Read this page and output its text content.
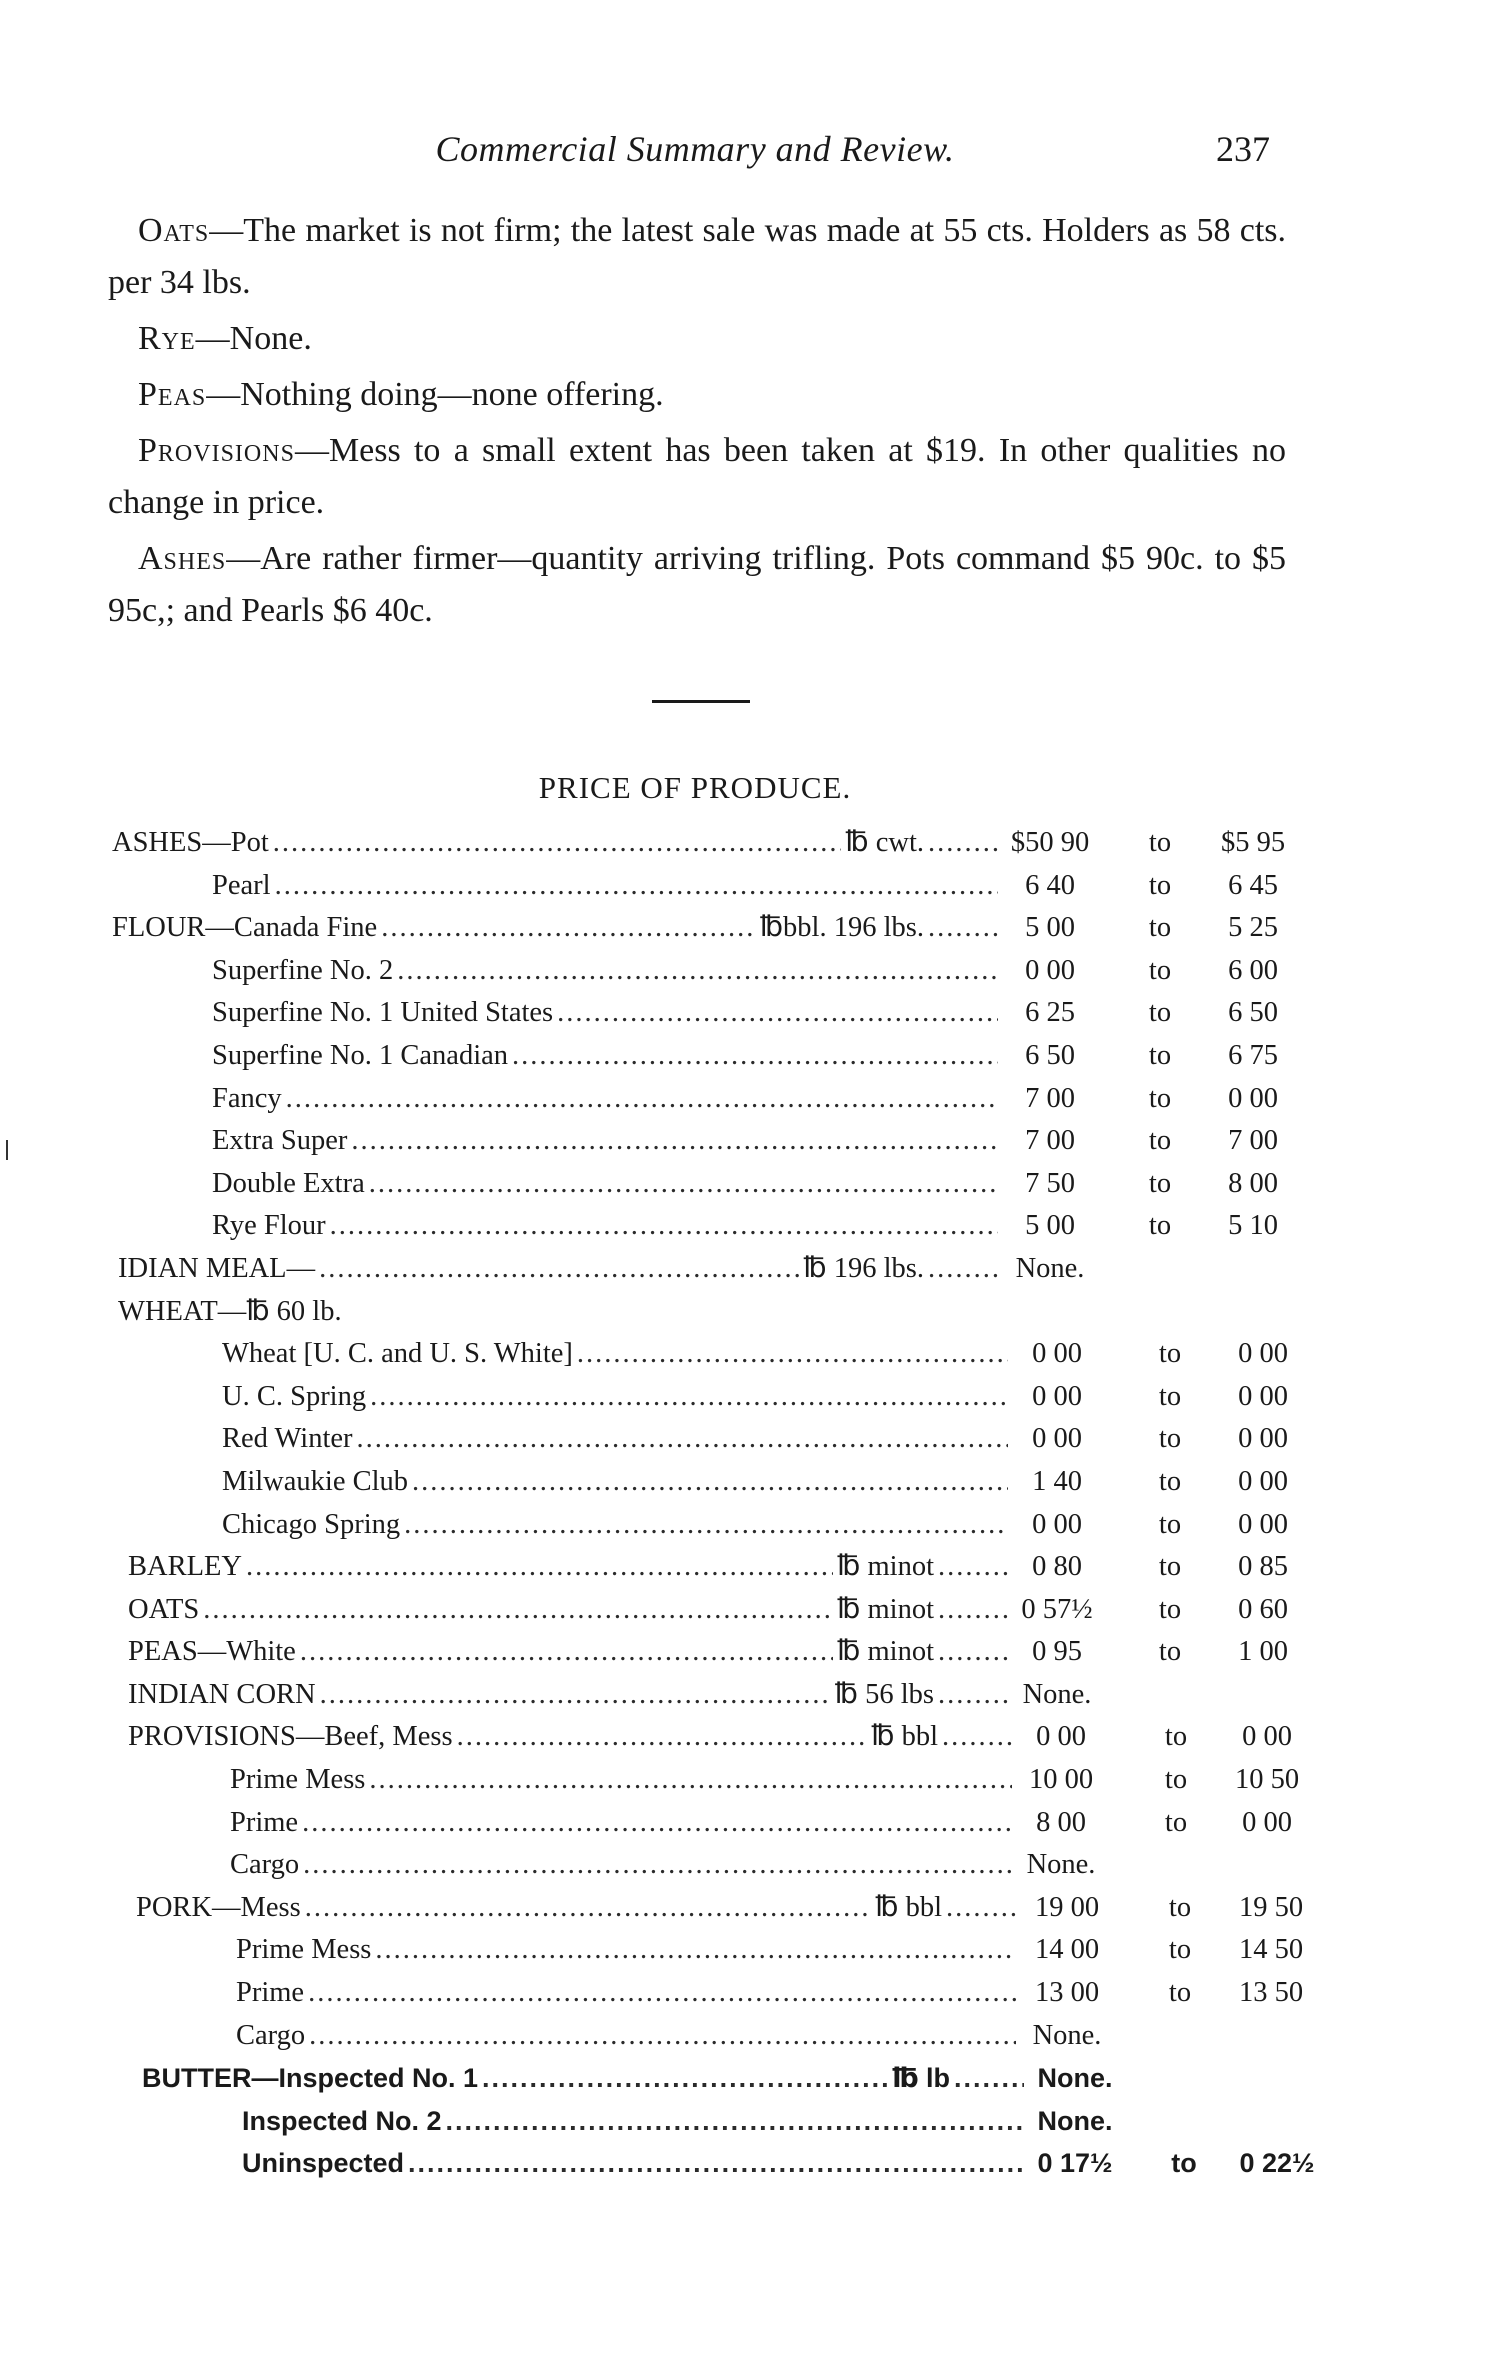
Commercial Summary and Review.	237

Oats—The market is not firm; the latest sale was made at 55 cts. Holders as 58 cts. per 34 lbs.

Rye—None.

Peas—Nothing doing—none offering.

Provisions—Mess to a small extent has been taken at $19. In other qualities no change in price.

Ashes—Are rather firmer—quantity arriving trifling. Pots command $5 90c. to $5 95c,; and Pearls $6 40c.

PRICE OF PRODUCE.
ASHES—Pot .....	℔ cwt. .....	$50 90	to	$5 95
Pearl .....	6 40	to	6 45
FLOUR—Canada Fine .....	℔bbl. 196 lbs. .....	5 00	to	5 25
Superfine No. 2 .....	0 00	to	6 00
Superfine No. 1 United States .....	6 25	to	6 50
Superfine No. 1 Canadian .....	6 50	to	6 75
Fancy .....	7 00	to	0 00
Extra Super .....	7 00	to	7 00
Double Extra .....	7 50	to	8 00
Rye Flour .....	5 00	to	5 10
IDIAN MEAL— .....	℔ 196 lbs. .....	None.
WHEAT—℔ 60 lb.
Wheat [U. C. and U. S. White] .....	0 00	to	0 00
U. C. Spring .....	0 00	to	0 00
Red Winter .....	0 00	to	0 00
Milwaukie Club .....	1 40	to	0 00
Chicago Spring .....	0 00	to	0 00
BARLEY .....	℔ minot .....	0 80	to	0 85
OATS .....	℔ minot .....	0 57½	to	0 60
PEAS—White .....	℔ minot .....	0 95	to	1 00
INDIAN CORN .....	℔ 56 lbs .....	None.
PROVISIONS—Beef, Mess .....	℔ bbl .....	0 00	to	0 00
Prime Mess .....	10 00	to	10 50
Prime .....	8 00	to	0 00
Cargo .....	None.
PORK—Mess .....	℔ bbl .....	19 00	to	19 50
Prime Mess .....	14 00	to	14 50
Prime .....	13 00	to	13 50
Cargo .....	None.
BUTTER—Inspected No. 1 .....	℔ lb .....	None.
Inspected No. 2 .....	None.
Uninspected .....	0 17½	to	0 22½
